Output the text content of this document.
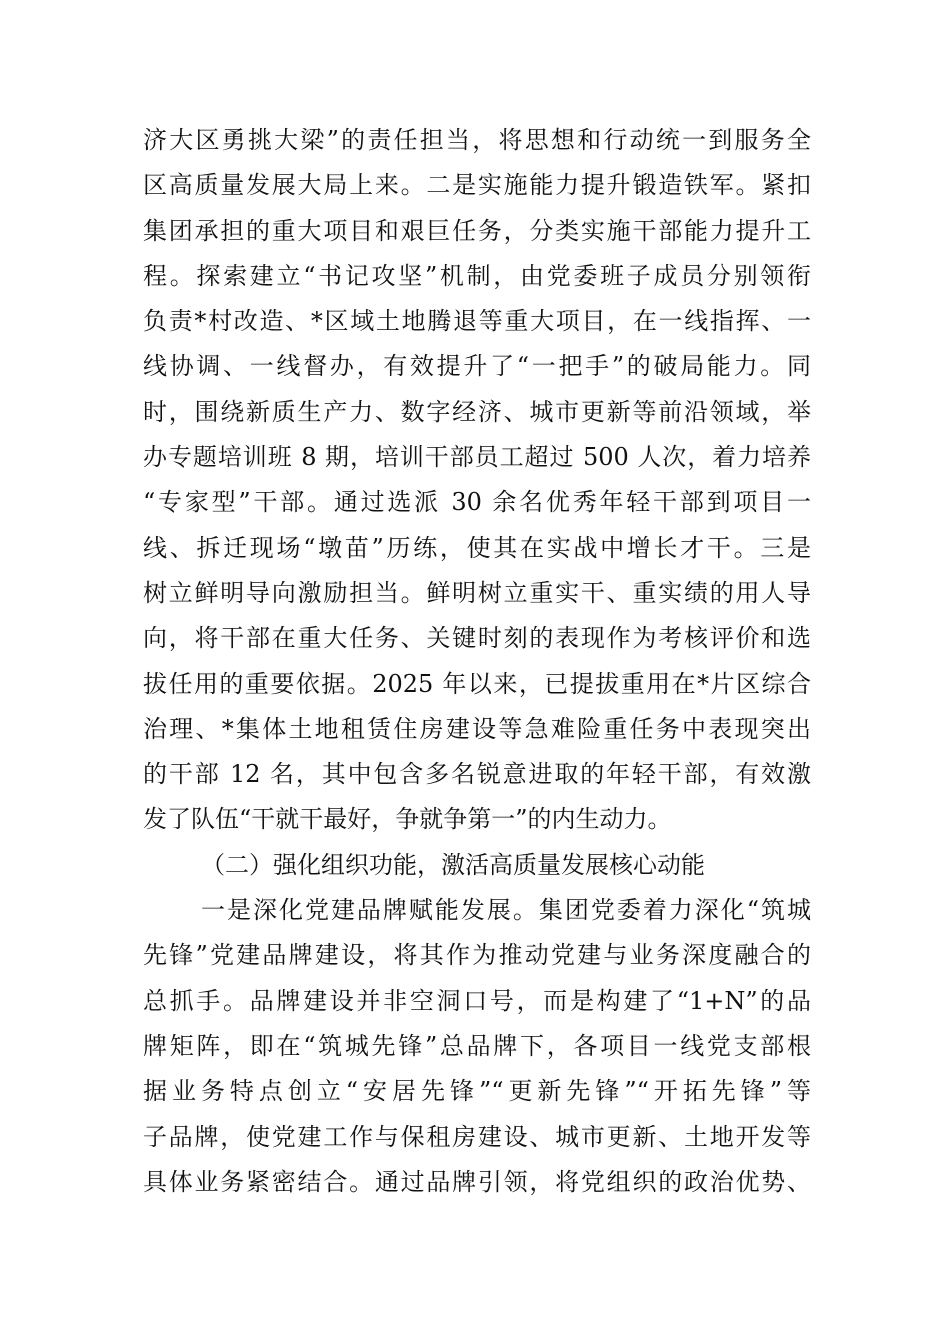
济大区勇挑大梁”的责任担当，将思想和行动统一到服务全
区高质量发展大局上来。二是实施能力提升锻造铁军。紧扣
集团承担的重大项目和艰巨任务，分类实施干部能力提升工
程。探索建立“书记攻坚”机制，由党委班子成员分别领衔
负责*村改造、*区域土地腾退等重大项目，在一线指挥、一
线协调、一线督办，有效提升了“一把手”的破局能力。同
时，围绕新质生产力、数字经济、城市更新等前沿领域，举
办专题培训班 8 期，培训干部员工超过 500 人次，着力培养
“专家型”干部。通过选派 30 余名优秀年轻干部到项目一
线、拆迁现场“墩苗”历练，使其在实战中增长才干。三是
树立鲜明导向激励担当。鲜明树立重实干、重实绩的用人导
向，将干部在重大任务、关键时刻的表现作为考核评价和选
拔任用的重要依据。2025 年以来，已提拔重用在*片区综合
治理、*集体土地租赁住房建设等急难险重任务中表现突出
的干部 12 名，其中包含多名锐意进取的年轻干部，有效激
发了队伍“干就干最好，争就争第一”的内生动力。
（二）强化组织功能，激活高质量发展核心动能
一是深化党建品牌赋能发展。集团党委着力深化“筑城
先锋”党建品牌建设，将其作为推动党建与业务深度融合的
总抓手。品牌建设并非空洞口号，而是构建了“1+N”的品
牌矩阵，即在“筑城先锋”总品牌下，各项目一线党支部根
据业务特点创立“安居先锋”“更新先锋”“开拓先锋”等
子品牌，使党建工作与保租房建设、城市更新、土地开发等
具体业务紧密结合。通过品牌引领，将党组织的政治优势、
